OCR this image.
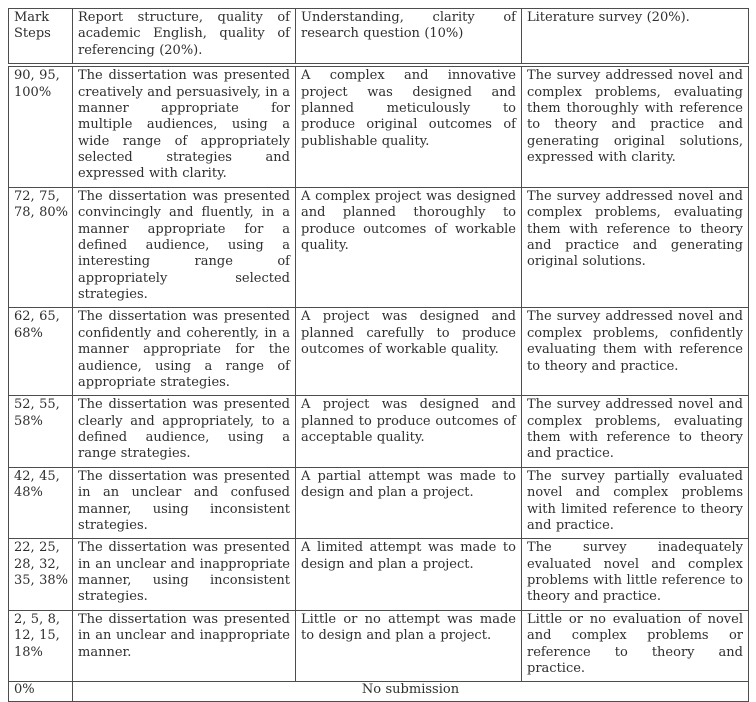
Mark Steps	Report structure, quality of academic English, quality of referencing (20%).	Understanding, clarity of research question (10%)	Literature survey (20%).
90, 95, 100%	The dissertation was presented creatively and persuasively, in a manner appropriate for multiple audiences, using a wide range of appropriately selected strategies and expressed with clarity.	A complex and innovative project was designed and planned meticulously to produce original outcomes of publishable quality.	The survey addressed novel and complex problems, evaluating them thoroughly with reference to theory and practice and generating original solutions, expressed with clarity.
72, 75, 78, 80%	The dissertation was presented convincingly and fluently, in a manner appropriate for a defined audience, using a interesting range of appropriately selected strategies.	A complex project was designed and planned thoroughly to produce outcomes of workable quality.	The survey addressed novel and complex problems, evaluating them with reference to theory and practice and generating original solutions.
62, 65, 68%	The dissertation was presented confidently and coherently, in a manner appropriate for the audience, using a range of appropriate strategies.	A project was designed and planned carefully to produce outcomes of workable quality.	The survey addressed novel and complex problems, confidently evaluating them with reference to theory and practice.
52, 55, 58%	The dissertation was presented clearly and appropriately, to a defined audience, using a range strategies.	A project was designed and planned to produce outcomes of acceptable quality.	The survey addressed novel and complex problems, evaluating them with reference to theory and practice.
42, 45, 48%	The dissertation was presented in an unclear and confused manner, using inconsistent strategies.	A partial attempt was made to design and plan a project.	The survey partially evaluated novel and complex problems with limited reference to theory and practice.
22, 25, 28, 32, 35, 38%	The dissertation was presented in an unclear and inappropriate manner, using inconsistent strategies.	A limited attempt was made to design and plan a project.	The survey inadequately evaluated novel and complex problems with little reference to theory and practice.
2, 5, 8, 12, 15, 18%	The dissertation was presented in an unclear and inappropriate manner.	Little or no attempt was made to design and plan a project.	Little or no evaluation of novel and complex problems or reference to theory and practice.
0%	No submission		
